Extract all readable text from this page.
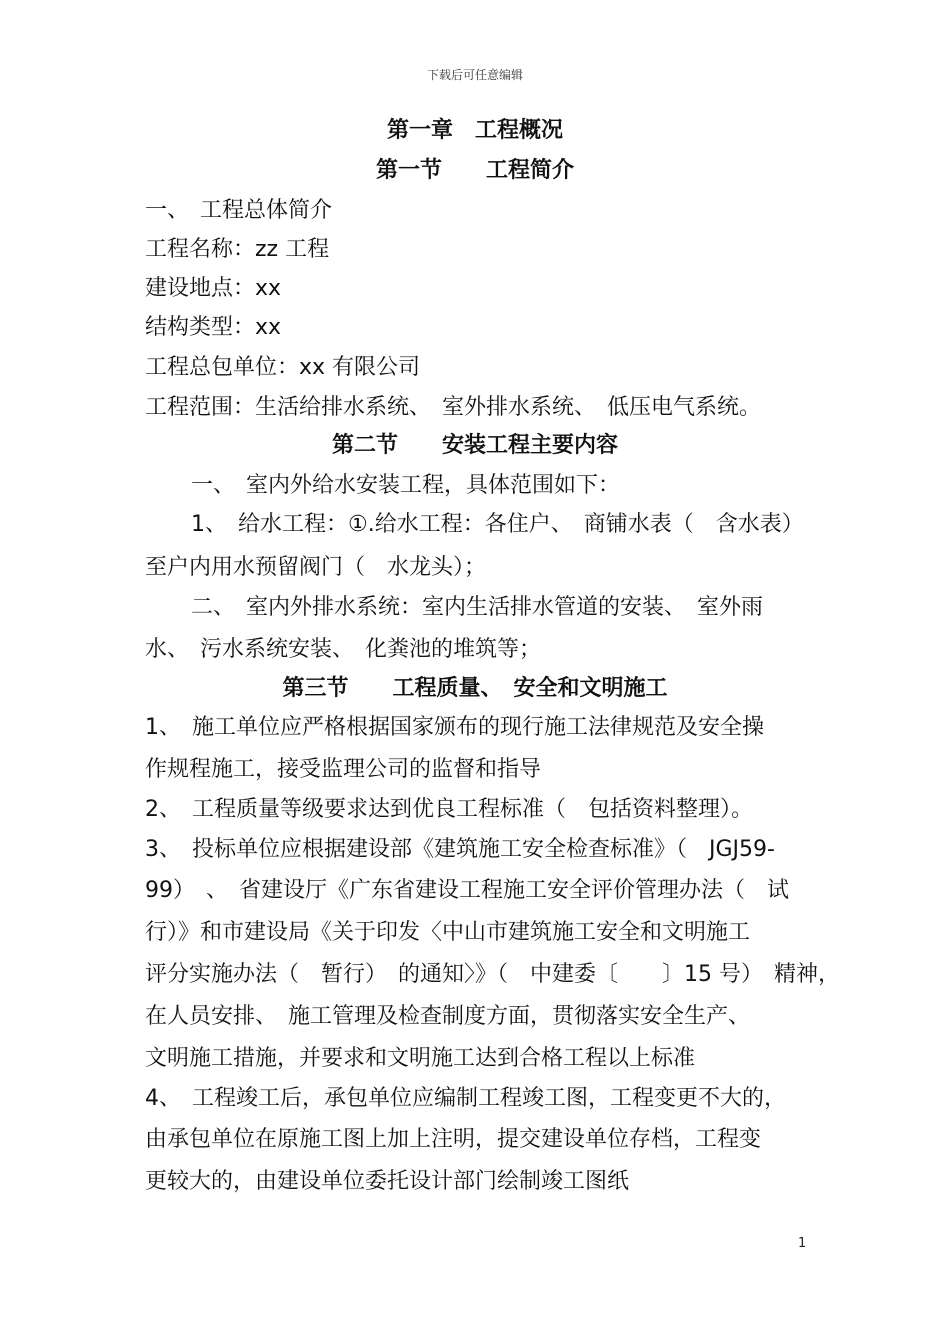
下载后可任意编辑
第一章　工程概况
第一节　　工程简介
一、　工程总体简介
工程名称：zz 工程
建设地点：xx
结构类型：xx
工程总包单位：xx 有限公司
工程范围：生活给排水系统、　室外排水系统、　低压电气系统。
第二节　　安装工程主要内容
一、　室内外给水安装工程，具体范围如下：
1、　给水工程：①.给水工程：各住户、　商铺水表（　含水表）
至户内用水预留阀门（　水龙头）；
二、　室内外排水系统：室内生活排水管道的安装、　室外雨
水、　污水系统安装、　化粪池的堆筑等；
第三节　　工程质量、　安全和文明施工
1、　施工单位应严格根据国家颁布的现行施工法律规范及安全操
作规程施工，接受监理公司的监督和指导
2、　工程质量等级要求达到优良工程标准（　包括资料整理）。
3、　投标单位应根据建设部《建筑施工安全检查标准》（　JGJ59-
99）　、　省建设厅《广东省建设工程施工安全评价管理办法（　试
行）》和市建设局《关于印发〈中山市建筑施工安全和文明施工
评分实施办法（　暂行）　的通知〉》（　中建委〔　　〕15 号）　精神，
在人员安排、　施工管理及检查制度方面，贯彻落实安全生产、
文明施工措施，并要求和文明施工达到合格工程以上标准
4、　工程竣工后，承包单位应编制工程竣工图，工程变更不大的，
由承包单位在原施工图上加上注明，提交建设单位存档，工程变
更较大的，由建设单位委托设计部门绘制竣工图纸
1
